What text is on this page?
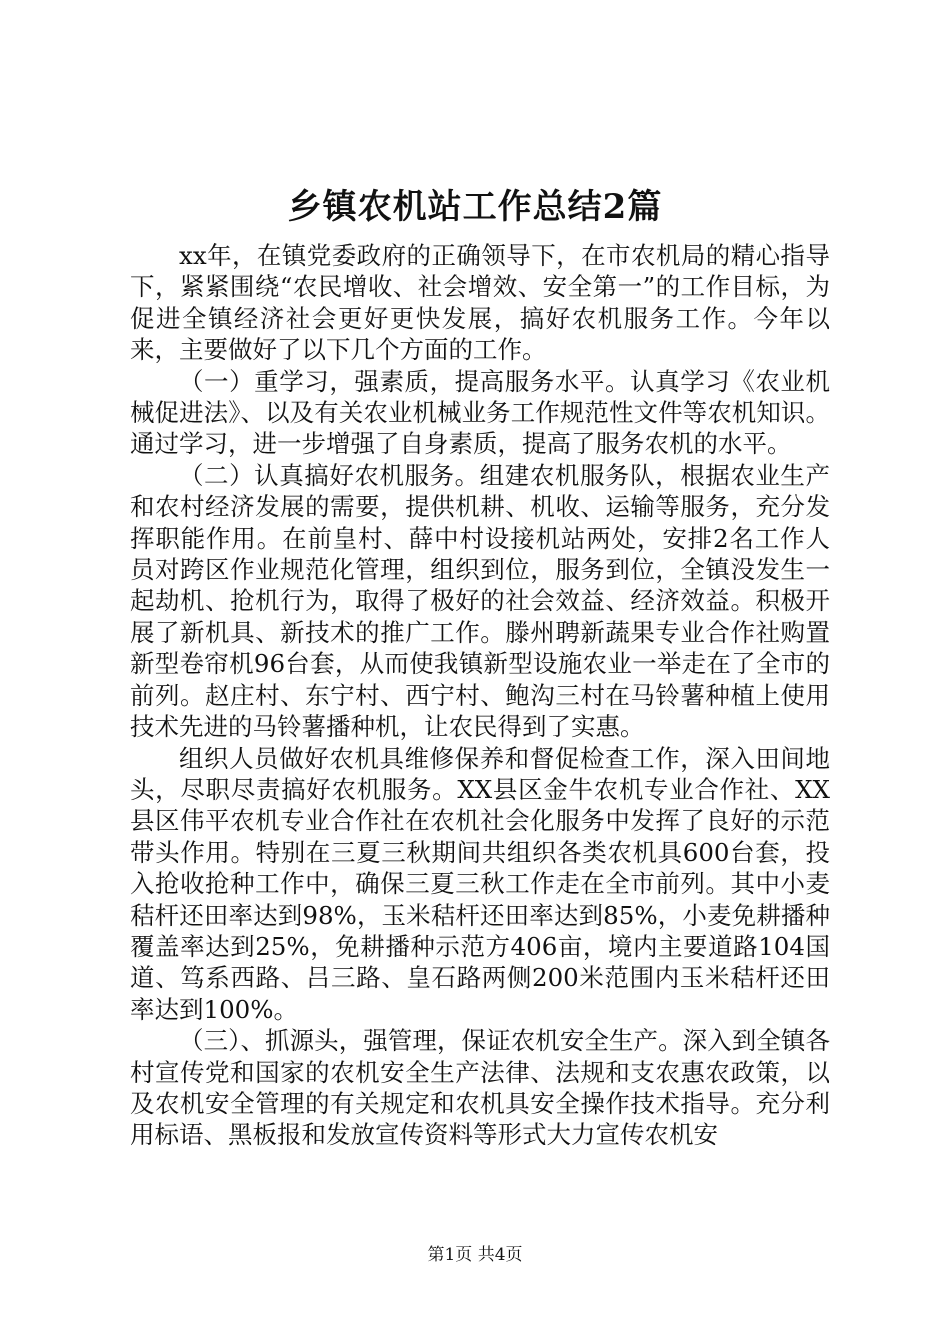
乡镇农机站工作总结2篇

xx年，在镇党委政府的正确领导下，在市农机局的精心指导下，紧紧围绕“农民增收、社会增效、安全第一”的工作目标，为促进全镇经济社会更好更快发展，搞好农机服务工作。今年以来，主要做好了以下几个方面的工作。

（一）重学习，强素质，提高服务水平。认真学习《农业机械促进法》、以及有关农业机械业务工作规范性文件等农机知识。通过学习，进一步增强了自身素质，提高了服务农机的水平。

（二）认真搞好农机服务。组建农机服务队，根据农业生产和农村经济发展的需要，提供机耕、机收、运输等服务，充分发挥职能作用。在前皇村、薛中村设接机站两处，安排2名工作人员对跨区作业规范化管理，组织到位，服务到位，全镇没发生一起劫机、抢机行为，取得了极好的社会效益、经济效益。积极开展了新机具、新技术的推广工作。滕州聘新蔬果专业合作社购置新型卷帘机96台套，从而使我镇新型设施农业一举走在了全市的前列。赵庄村、东宁村、西宁村、鲍沟三村在马铃薯种植上使用技术先进的马铃薯播种机，让农民得到了实惠。

组织人员做好农机具维修保养和督促检查工作，深入田间地头，尽职尽责搞好农机服务。XX县区金牛农机专业合作社、XX县区伟平农机专业合作社在农机社会化服务中发挥了良好的示范带头作用。特别在三夏三秋期间共组织各类农机具600台套，投入抢收抢种工作中，确保三夏三秋工作走在全市前列。其中小麦秸杆还田率达到98%，玉米秸杆还田率达到85%，小麦免耕播种覆盖率达到25%，免耕播种示范方406亩，境内主要道路104国道、笃系西路、吕三路、皇石路两侧200米范围内玉米秸杆还田率达到100%。

（三）、抓源头，强管理，保证农机安全生产。深入到全镇各村宣传党和国家的农机安全生产法律、法规和支农惠农政策，以及农机安全管理的有关规定和农机具安全操作技术指导。充分利用标语、黑板报和发放宣传资料等形式大力宣传农机安

第1页 共4页
